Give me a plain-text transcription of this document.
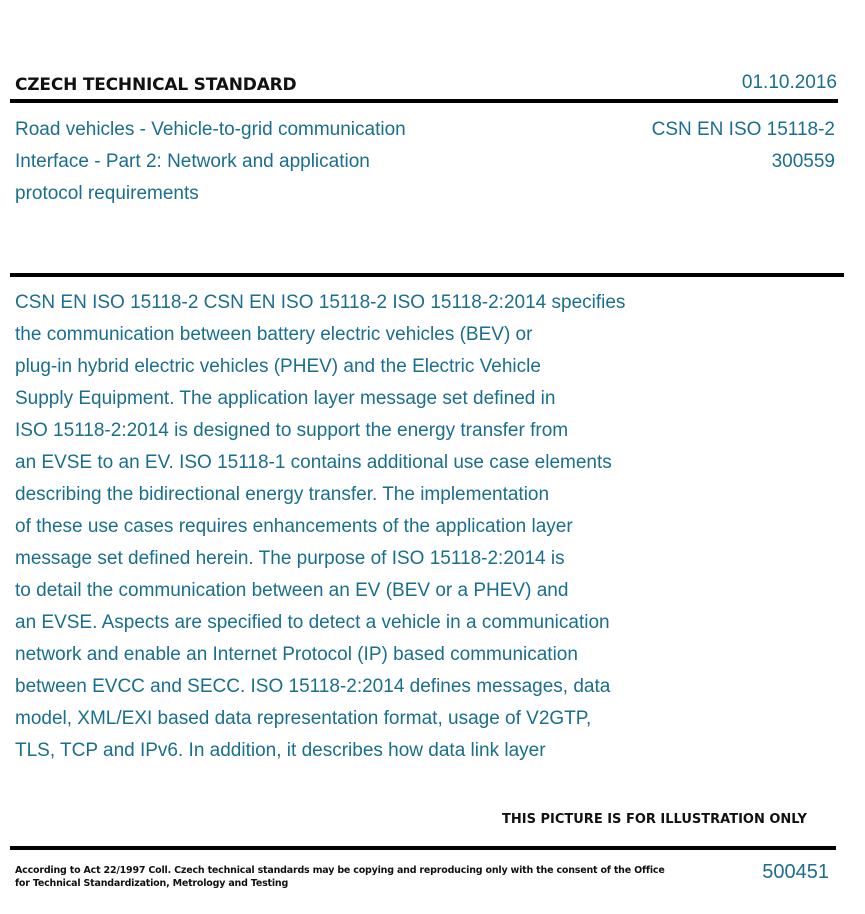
CZECH TECHNICAL STANDARD	01.10.2016
Road vehicles - Vehicle-to-grid communication
Interface - Part 2: Network and application
protocol requirements
CSN EN ISO 15118-2
300559
CSN EN ISO 15118-2 CSN EN ISO 15118-2 ISO 15118-2:2014 specifies
the communication between battery electric vehicles (BEV) or
plug-in hybrid electric vehicles (PHEV) and the Electric Vehicle
Supply Equipment. The application layer message set defined in
ISO 15118-2:2014 is designed to support the energy transfer from
an EVSE to an EV. ISO 15118-1 contains additional use case elements
describing the bidirectional energy transfer. The implementation
of these use cases requires enhancements of the application layer
message set defined herein. The purpose of ISO 15118-2:2014 is
to detail the communication between an EV (BEV or a PHEV) and
an EVSE. Aspects are specified to detect a vehicle in a communication
network and enable an Internet Protocol (IP) based communication
between EVCC and SECC. ISO 15118-2:2014 defines messages, data
model, XML/EXI based data representation format, usage of V2GTP,
TLS, TCP and IPv6. In addition, it describes how data link layer
THIS PICTURE IS FOR ILLUSTRATION ONLY
According to Act 22/1997 Coll. Czech technical standards may be copying and reproducing only with the consent of the Office
for Technical Standardization, Metrology and Testing
500451
